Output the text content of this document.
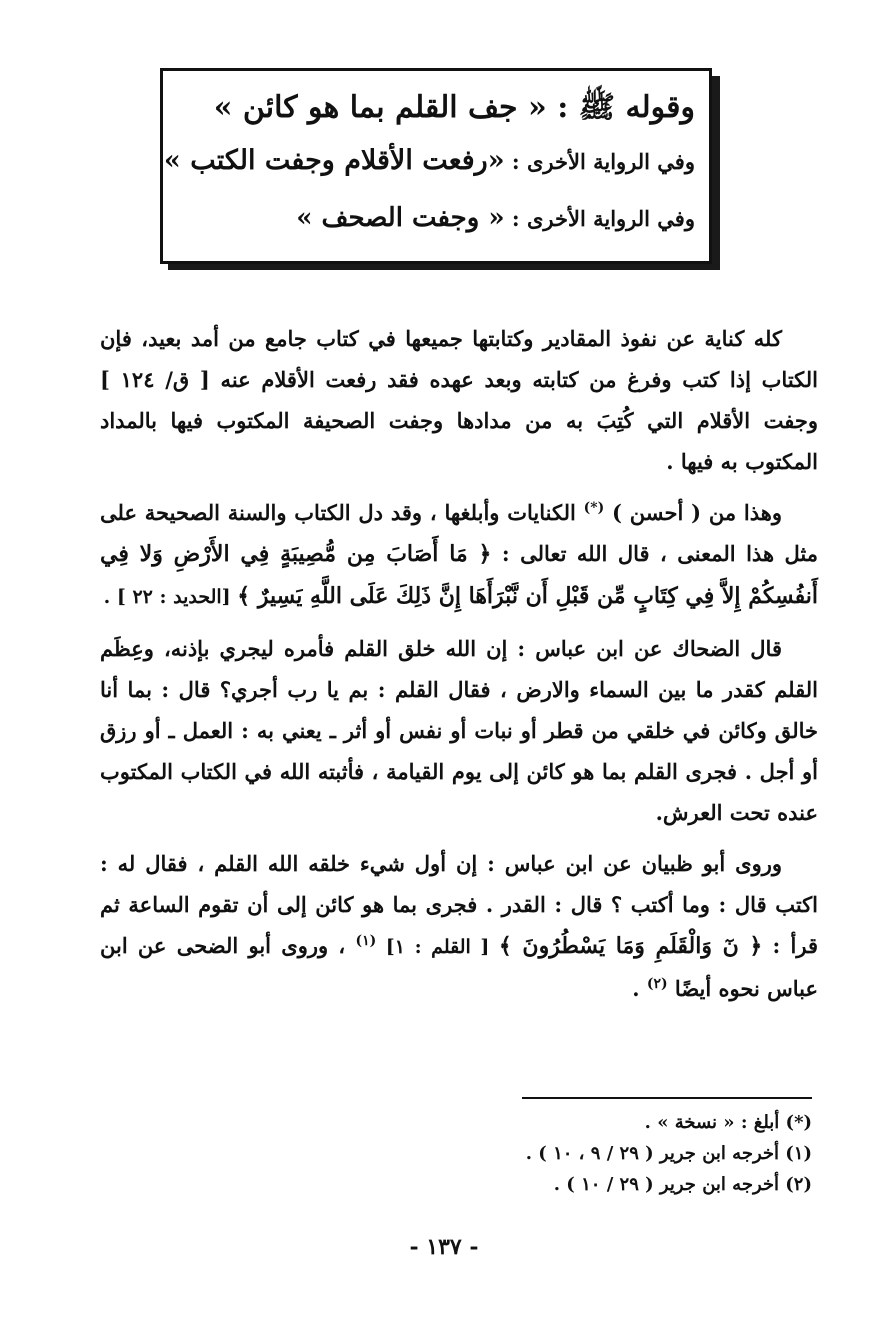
وقوله ﷺ : « جف القلم بما هو كائن »
وفي الرواية الأخرى : «رفعت الأقلام وجفت الكتب »
وفي الرواية الأخرى : « وجفت الصحف »

كله كناية عن نفوذ المقادير وكتابتها جميعها في كتاب جامع من أمد بعيد، فإن الكتاب إذا كتب وفرغ من كتابته وبعد عهده فقد رفعت الأقلام عنه [ ق/ ١٢٤ ] وجفت الأقلام التي كُتِبَ به من مدادها وجفت الصحيفة المكتوب فيها بالمداد المكتوب به فيها .

وهذا من ( أحسن ) (*) الكنايات وأبلغها ، وقد دل الكتاب والسنة الصحيحة على مثل هذا المعنى ، قال الله تعالى : ﴿ مَا أَصَابَ مِن مُّصِيبَةٍ فِي الأَرْضِ وَلا فِي أَنفُسِكُمْ إِلاَّ فِي كِتَابٍ مِّن قَبْلِ أَن نَّبْرَأَهَا إِنَّ ذَلِكَ عَلَى اللَّهِ يَسِيرٌ ﴾ [الحديد : ٢٢ ] .

قال الضحاك عن ابن عباس : إن الله خلق القلم فأمره ليجري بإذنه، وعِظَم القلم كقدر ما بين السماء والارض ، فقال القلم : بم يا رب أجري؟ قال : بما أنا خالق وكائن في خلقي من قطر أو نبات أو نفس أو أثر ـ يعني به : العمل ـ أو رزق أو أجل . فجرى القلم بما هو كائن إلى يوم القيامة ، فأثبته الله في الكتاب المكتوب عنده تحت العرش.

وروى أبو ظبيان عن ابن عباس : إن أول شيء خلقه الله القلم ، فقال له : اكتب قال : وما أكتب ؟ قال : القدر . فجرى بما هو كائن إلى أن تقوم الساعة ثم قرأ : ﴿ نٓ وَالْقَلَمِ وَمَا يَسْطُرُونَ ﴾ [ القلم : ١] $^{(١)}$ ، وروى أبو الضحى عن ابن عباس نحوه أيضًا $^{(٢)}$ .

(*) أبلغ : « نسخة » .

(١) أخرجه ابن جرير ( ٢٩ / ٩ ، ١٠ ) .

(٢) أخرجه ابن جرير ( ٢٩ / ١٠ ) .

- ١٣٧ -
